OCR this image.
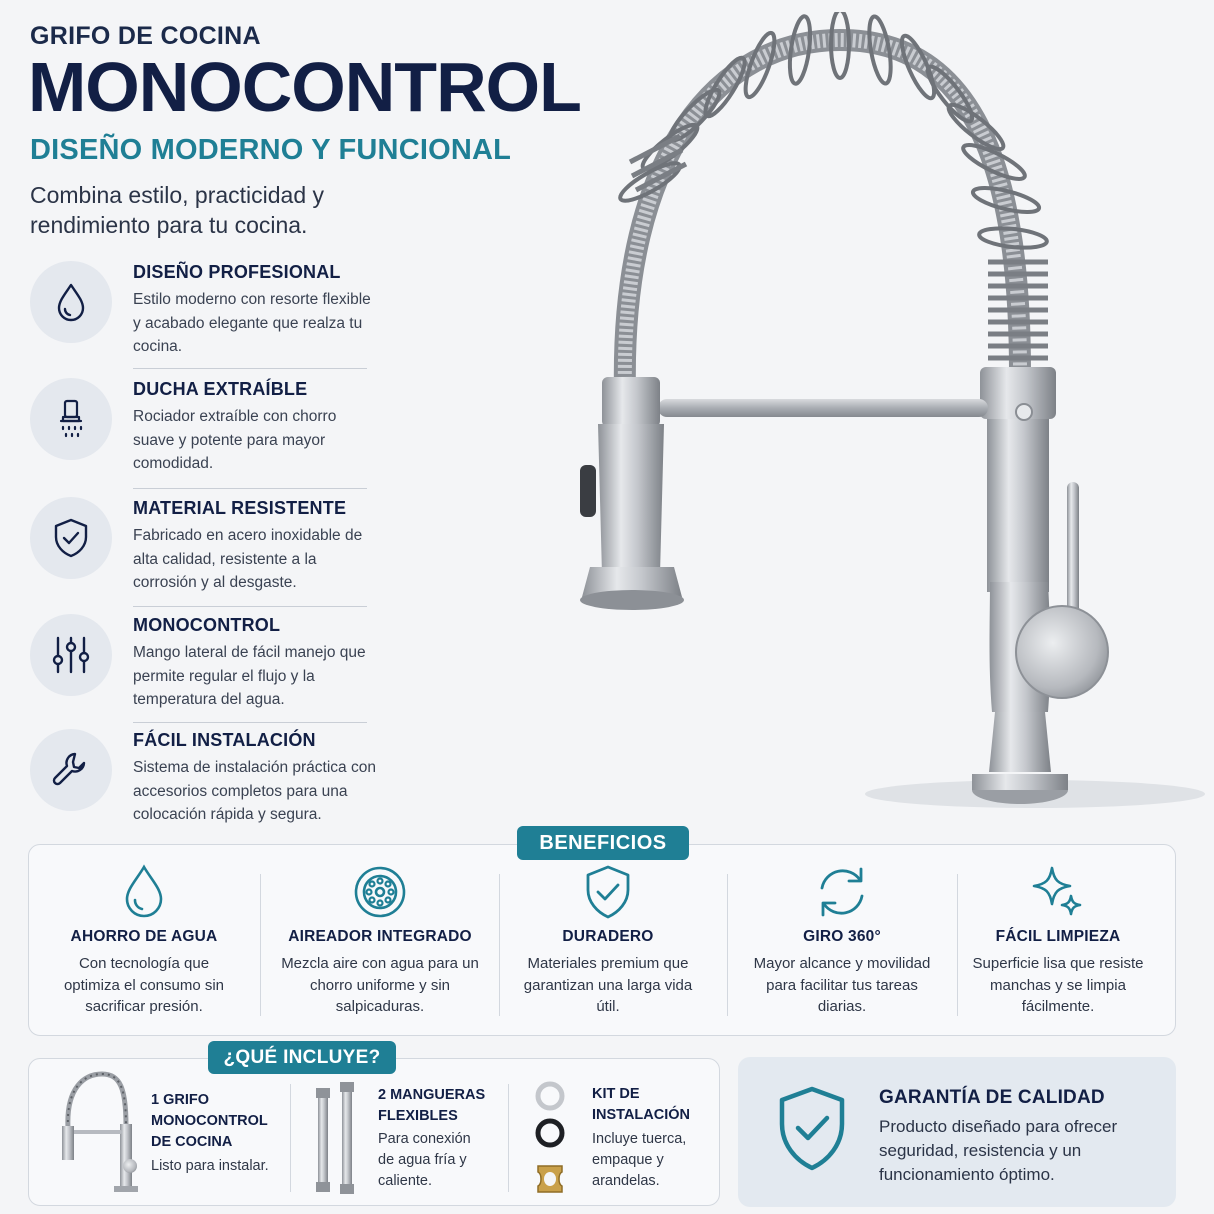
GRIFO DE COCINA
MONOCONTROL
DISEÑO MODERNO Y FUNCIONAL
Combina estilo, practicidad y rendimiento para tu cocina.
DISEÑO PROFESIONAL
Estilo moderno con resorte flexible y acabado elegante que realza tu cocina.
DUCHA EXTRAÍBLE
Rociador extraíble con chorro suave y potente para mayor comodidad.
MATERIAL RESISTENTE
Fabricado en acero inoxidable de alta calidad, resistente a la corrosión y al desgaste.
MONOCONTROL
Mango lateral de fácil manejo que permite regular el flujo y la temperatura del agua.
FÁCIL INSTALACIÓN
Sistema de instalación práctica con accesorios completos para una colocación rápida y segura.
BENEFICIOS
AHORRO DE AGUA
Con tecnología que optimiza el consumo sin sacrificar presión.
AIREADOR INTEGRADO
Mezcla aire con agua para un chorro uniforme y sin salpicaduras.
DURADERO
Materiales premium que garantizan una larga vida útil.
GIRO 360°
Mayor alcance y movilidad para facilitar tus tareas diarias.
FÁCIL LIMPIEZA
Superficie lisa que resiste manchas y se limpia fácilmente.
¿QUÉ INCLUYE?
1 GRIFO MONOCONTROL DE COCINA
Listo para instalar.
2 MANGUERAS FLEXIBLES
Para conexión de agua fría y caliente.
KIT DE INSTALACIÓN
Incluye tuerca, empaque y arandelas.
GARANTÍA DE CALIDAD
Producto diseñado para ofrecer seguridad, resistencia y un funcionamiento óptimo.
